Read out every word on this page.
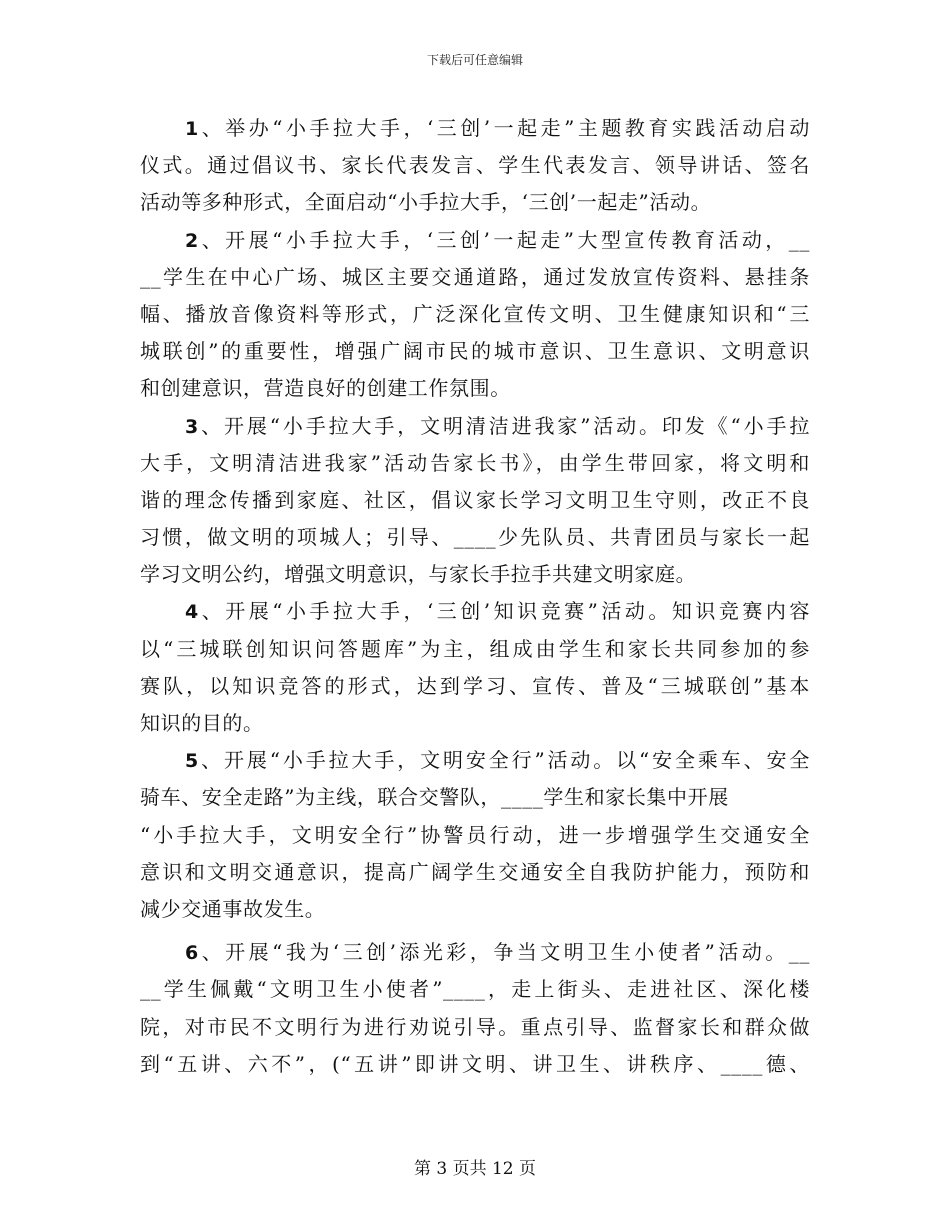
下载后可任意编辑
1、举办“小手拉大手，‘三创’一起走”主题教育实践活动启动
仪式。通过倡议书、家长代表发言、学生代表发言、领导讲话、签名
活动等多种形式，全面启动“小手拉大手，‘三创’一起走”活动。
2、开展“小手拉大手，‘三创’一起走”大型宣传教育活动，__
__学生在中心广场、城区主要交通道路，通过发放宣传资料、悬挂条
幅、播放音像资料等形式，广泛深化宣传文明、卫生健康知识和“三
城联创”的重要性，增强广阔市民的城市意识、卫生意识、文明意识
和创建意识，营造良好的创建工作氛围。
3、开展“小手拉大手，文明清洁进我家”活动。印发《“小手拉
大手，文明清洁进我家”活动告家长书》，由学生带回家，将文明和
谐的理念传播到家庭、社区，倡议家长学习文明卫生守则，改正不良
习惯，做文明的项城人；引导、____少先队员、共青团员与家长一起
学习文明公约，增强文明意识，与家长手拉手共建文明家庭。
4、开展“小手拉大手，‘三创’知识竞赛”活动。知识竞赛内容
以“三城联创知识问答题库”为主，组成由学生和家长共同参加的参
赛队，以知识竞答的形式，达到学习、宣传、普及“三城联创”基本
知识的目的。
5、开展“小手拉大手，文明安全行”活动。以“安全乘车、安全
骑车、安全走路”为主线，联合交警队，____学生和家长集中开展
“小手拉大手，文明安全行”协警员行动，进一步增强学生交通安全
意识和文明交通意识，提高广阔学生交通安全自我防护能力，预防和
减少交通事故发生。
6、开展“我为‘三创’添光彩，争当文明卫生小使者”活动。__
__学生佩戴“文明卫生小使者”____，走上街头、走进社区、深化楼
院，对市民不文明行为进行劝说引导。重点引导、监督家长和群众做
到“五讲、六不”，(“五讲”即讲文明、讲卫生、讲秩序、____德、
第 3 页共 12 页
